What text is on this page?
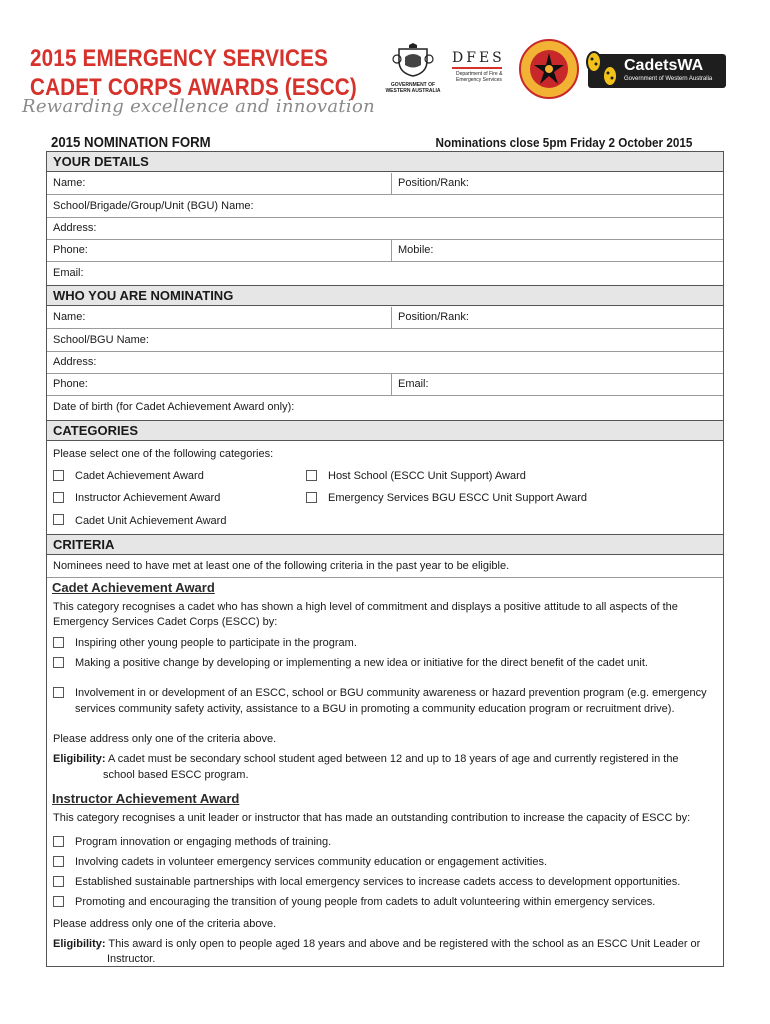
2015 EMERGENCY SERVICES
CADET CORPS AWARDS (ESCC)
Rewarding excellence and innovation
GOVERNMENT OF
WESTERN AUSTRALIA
DFES
Department of Fire &
Emergency Services
CadetsWA
Government of Western Australia
2015 NOMINATION FORM	Nominations close 5pm Friday 2 October 2015
YOUR DETAILS
Name:	Position/Rank:
School/Brigade/Group/Unit (BGU) Name:
Address:
Phone:	Mobile:
Email:
WHO YOU ARE NOMINATING
Name:	Position/Rank:
School/BGU Name:
Address:
Phone:	Email:
Date of birth (for Cadet Achievement Award only):
CATEGORIES
Please select one of the following categories:
Cadet Achievement Award	Host School (ESCC Unit Support) Award
Instructor Achievement Award	Emergency Services BGU ESCC Unit Support Award
Cadet Unit Achievement Award
CRITERIA
Nominees need to have met at least one of the following criteria in the past year to be eligible.
Cadet Achievement Award
This category recognises a cadet who has shown a high level of commitment and displays a positive attitude to all aspects of the
Emergency Services Cadet Corps (ESCC) by:
Inspiring other young people to participate in the program.
Making a positive change by developing or implementing a new idea or initiative for the direct benefit of the cadet unit.
Involvement in or development of an ESCC, school or BGU community awareness or hazard prevention program (e.g. emergency
services community safety activity, assistance to a BGU in promoting a community education program or recruitment drive).
Please address only one of the criteria above.
Eligibility: A cadet must be secondary school student aged between 12 and up to 18 years of age and currently registered in the
school based ESCC program.
Instructor Achievement Award
This category recognises a unit leader or instructor that has made an outstanding contribution to increase the capacity of ESCC by:
Program innovation or engaging methods of training.
Involving cadets in volunteer emergency services community education or engagement activities.
Established sustainable partnerships with local emergency services to increase cadets access to development opportunities.
Promoting and encouraging the transition of young people from cadets to adult volunteering within emergency services.
Please address only one of the criteria above.
Eligibility: This award is only open to people aged 18 years and above and be registered with the school as an ESCC Unit Leader or
Instructor.
